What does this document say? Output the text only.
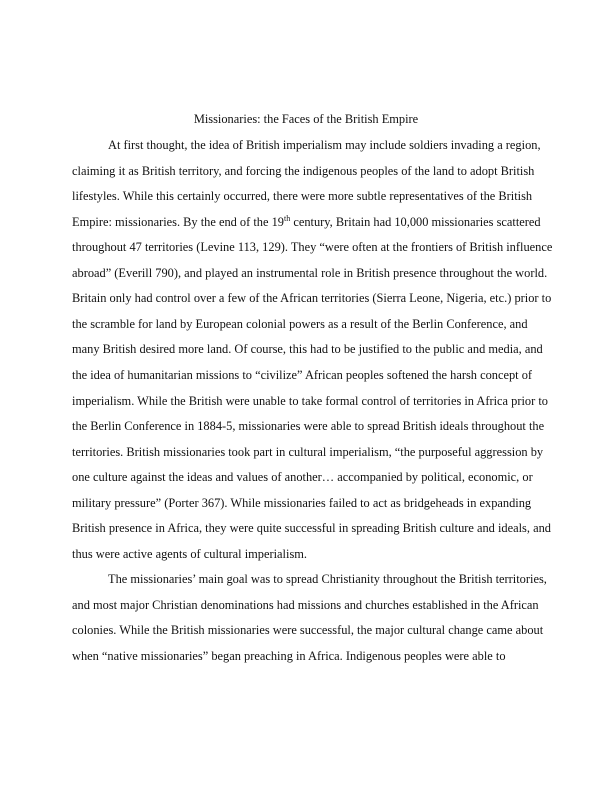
Missionaries: the Faces of the British Empire
At first thought, the idea of British imperialism may include soldiers invading a region,
claiming it as British territory, and forcing the indigenous peoples of the land to adopt British
lifestyles. While this certainly occurred, there were more subtle representatives of the British
Empire: missionaries. By the end of the 19th century, Britain had 10,000 missionaries scattered
throughout 47 territories (Levine 113, 129). They “were often at the frontiers of British influence
abroad” (Everill 790), and played an instrumental role in British presence throughout the world.
Britain only had control over a few of the African territories (Sierra Leone, Nigeria, etc.) prior to
the scramble for land by European colonial powers as a result of the Berlin Conference, and
many British desired more land. Of course, this had to be justified to the public and media, and
the idea of humanitarian missions to “civilize” African peoples softened the harsh concept of
imperialism. While the British were unable to take formal control of territories in Africa prior to
the Berlin Conference in 1884-5, missionaries were able to spread British ideals throughout the
territories. British missionaries took part in cultural imperialism, “the purposeful aggression by
one culture against the ideas and values of another… accompanied by political, economic, or
military pressure” (Porter 367). While missionaries failed to act as bridgeheads in expanding
British presence in Africa, they were quite successful in spreading British culture and ideals, and
thus were active agents of cultural imperialism.
The missionaries’ main goal was to spread Christianity throughout the British territories,
and most major Christian denominations had missions and churches established in the African
colonies. While the British missionaries were successful, the major cultural change came about
when “native missionaries” began preaching in Africa. Indigenous peoples were able to
